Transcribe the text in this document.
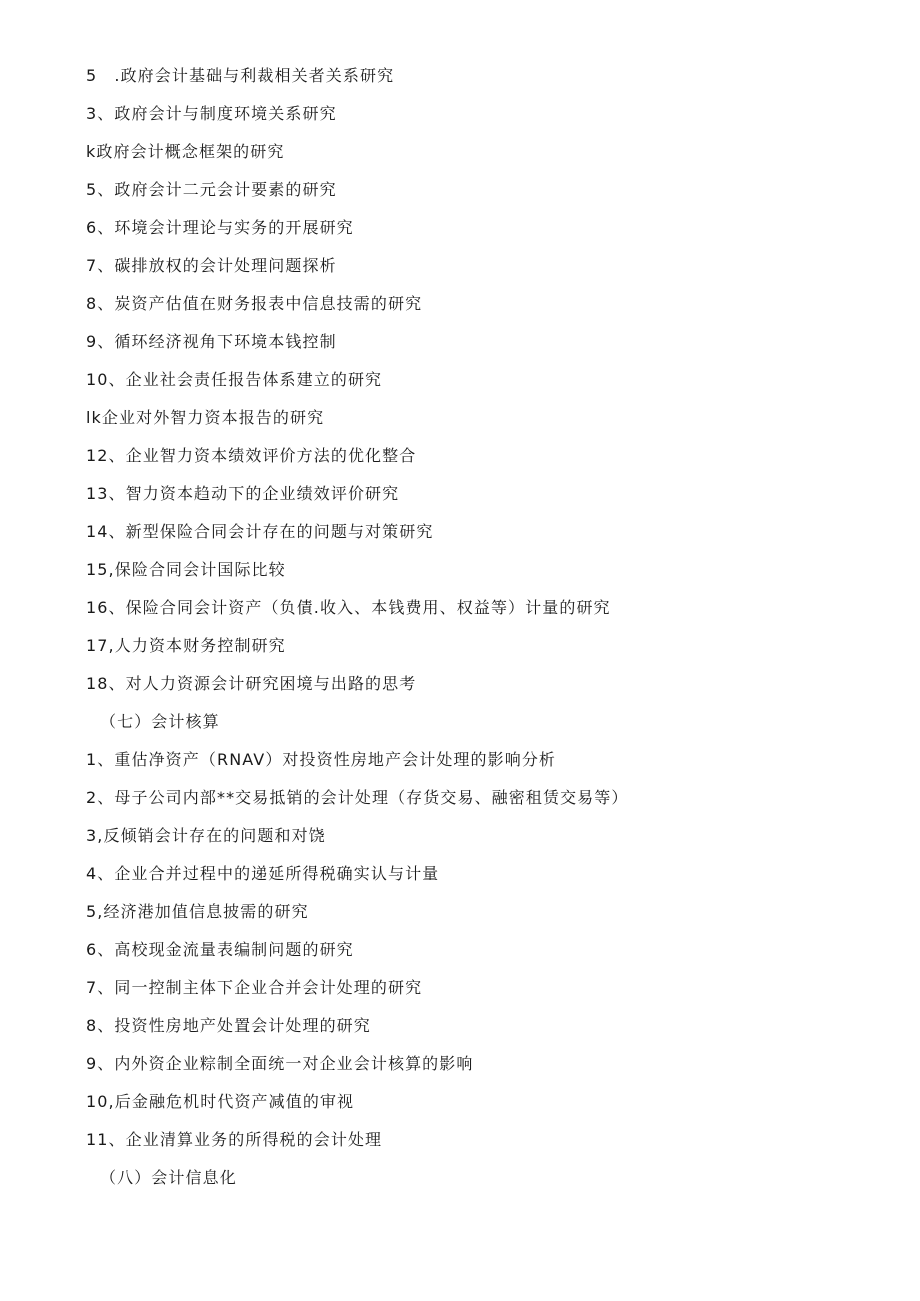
5　.政府会计基础与利裁相关者关系研究
3、政府会计与制度环境关系研究
k政府会计概念框架的研究
5、政府会计二元会计要素的研究
6、环境会计理论与实务的开展研究
7、碳排放权的会计处理问题探析
8、炭资产估值在财务报表中信息技需的研究
9、循环经济视角下环境本钱控制
10、企业社会责任报告体系建立的研究
lk企业对外智力资本报告的研究
12、企业智力资本绩效评价方法的优化整合
13、智力资本趋动下的企业绩效评价研究
14、新型保险合同会计存在的问题与对策研究
15,保险合同会计国际比较
16、保险合同会计资产（负債.收入、本钱费用、权益等）计量的研究
17,人力资本财务控制研究
18、对人力资源会计研究困境与出路的思考
（七）会计核算
1、重估净资产（RNAV）对投资性房地产会计处理的影响分析
2、母子公司内部**交易抵销的会计处理（存货交易、融密租赁交易等）
3,反倾销会计存在的问题和对饶
4、企业合并过程中的递延所得税确实认与计量
5,经济港加值信息披需的研究
6、高校现金流量表编制问题的研究
7、同一控制主体下企业合并会计处理的研究
8、投资性房地产处置会计处理的研究
9、内外资企业粽制全面统一对企业会计核算的影响
10,后金融危机时代资产减值的审视
11、企业清算业务的所得税的会计处理
（八）会计信息化
